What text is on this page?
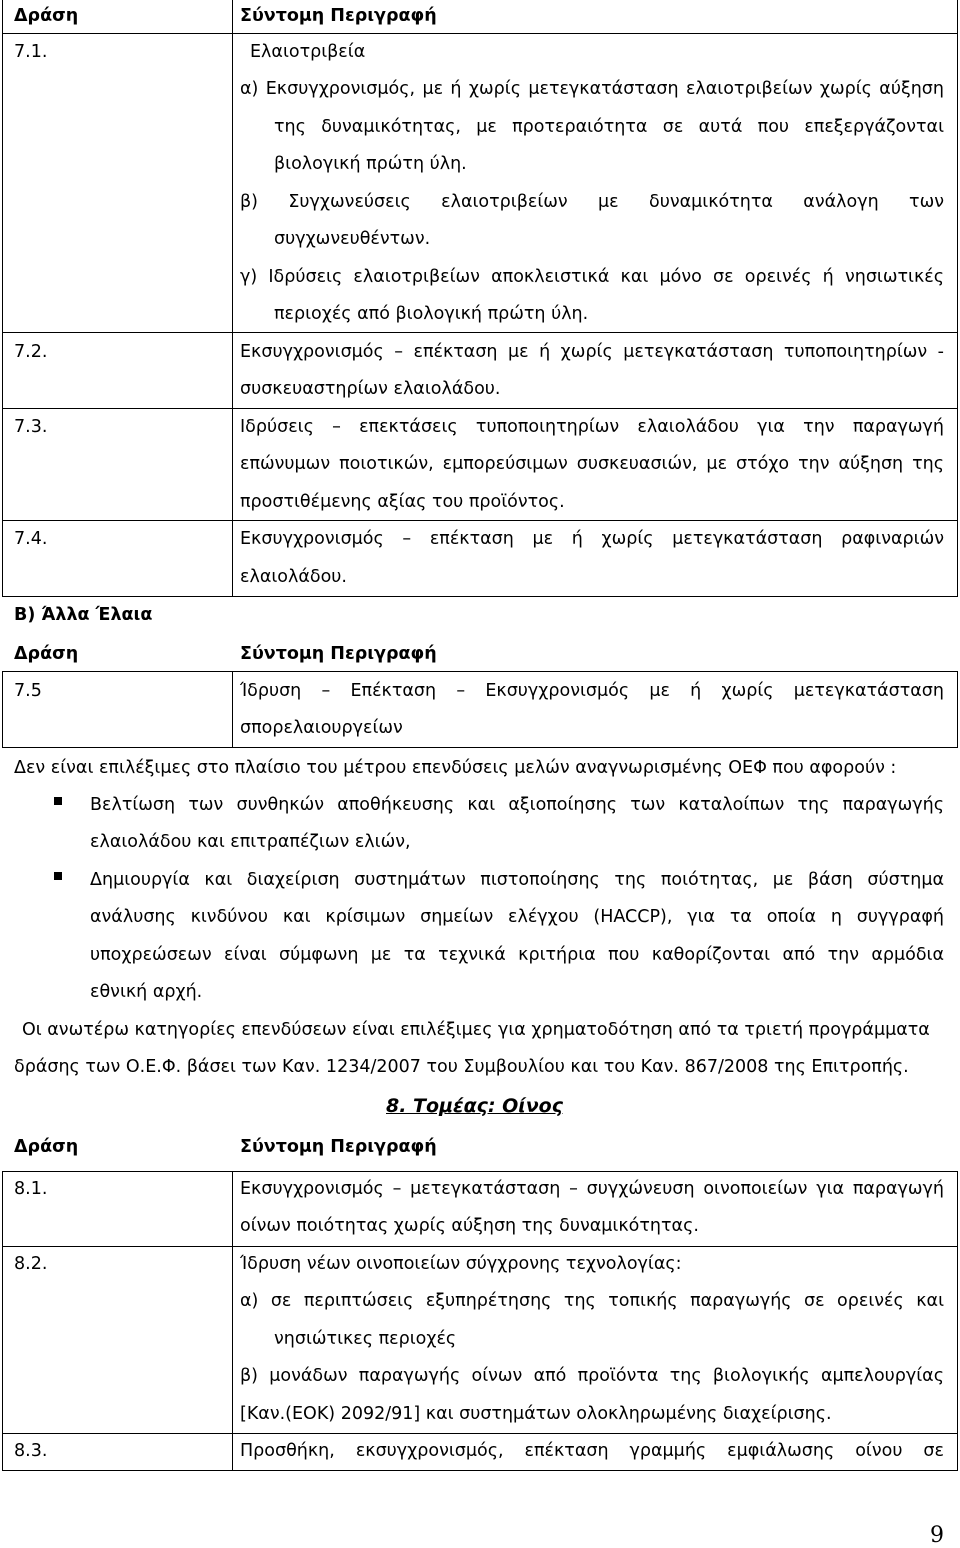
Δράση	Σύντομη Περιγραφή
7.1.	Ελαιοτριβεία
α) Εκσυγχρονισμός, με ή χωρίς μετεγκατάσταση ελαιοτριβείων χωρίς αύξηση
της δυναμικότητας, με προτεραιότητα σε αυτά που επεξεργάζονται
βιολογική πρώτη ύλη.
β) Συγχωνεύσεις ελαιοτριβείων με δυναμικότητα ανάλογη των
συγχωνευθέντων.
γ) Ιδρύσεις ελαιοτριβείων αποκλειστικά και μόνο σε ορεινές ή νησιωτικές
περιοχές από βιολογική πρώτη ύλη.
7.2.	Εκσυγχρονισμός – επέκταση με ή χωρίς μετεγκατάσταση τυποποιητηρίων -
συσκευαστηρίων ελαιολάδου.
7.3.	Ιδρύσεις – επεκτάσεις τυποποιητηρίων ελαιολάδου για την παραγωγή
επώνυμων ποιοτικών, εμπορεύσιμων συσκευασιών, με στόχο την αύξηση της
προστιθέμενης αξίας του προϊόντος.
7.4.	Εκσυγχρονισμός – επέκταση με ή χωρίς μετεγκατάσταση ραφιναριών
ελαιολάδου.
Β) Άλλα Έλαια
Δράση	Σύντομη Περιγραφή
7.5	Ίδρυση – Επέκταση – Εκσυγχρονισμός με ή χωρίς μετεγκατάσταση
σπορελαιουργείων
Δεν είναι επιλέξιμες στο πλαίσιο του μέτρου επενδύσεις μελών αναγνωρισμένης ΟΕΦ που αφορούν :
Βελτίωση των συνθηκών αποθήκευσης και αξιοποίησης των καταλοίπων της παραγωγής
ελαιολάδου και επιτραπέζιων ελιών,
Δημιουργία και διαχείριση συστημάτων πιστοποίησης της ποιότητας, με βάση σύστημα
ανάλυσης κινδύνου και κρίσιμων σημείων ελέγχου (HACCP), για τα οποία η συγγραφή
υποχρεώσεων είναι σύμφωνη με τα τεχνικά κριτήρια που καθορίζονται από την αρμόδια
εθνική αρχή.
Οι ανωτέρω κατηγορίες επενδύσεων είναι επιλέξιμες για χρηματοδότηση από τα τριετή προγράμματα
δράσης των Ο.Ε.Φ. βάσει των Καν. 1234/2007 του Συμβουλίου και του Καν. 867/2008 της Επιτροπής.
8. Τομέας: Οίνος
Δράση	Σύντομη Περιγραφή
8.1.	Εκσυγχρονισμός – μετεγκατάσταση – συγχώνευση οινοποιείων για παραγωγή
οίνων ποιότητας χωρίς αύξηση της δυναμικότητας.
8.2.	Ίδρυση νέων οινοποιείων σύγχρονης τεχνολογίας:
α) σε περιπτώσεις εξυπηρέτησης της τοπικής παραγωγής σε ορεινές και
νησιώτικες περιοχές
β) μονάδων παραγωγής οίνων από προϊόντα της βιολογικής αμπελουργίας
[Καν.(ΕΟΚ) 2092/91] και συστημάτων ολοκληρωμένης διαχείρισης.
8.3.	Προσθήκη, εκσυγχρονισμός, επέκταση γραμμής εμφιάλωσης οίνου σε
9
